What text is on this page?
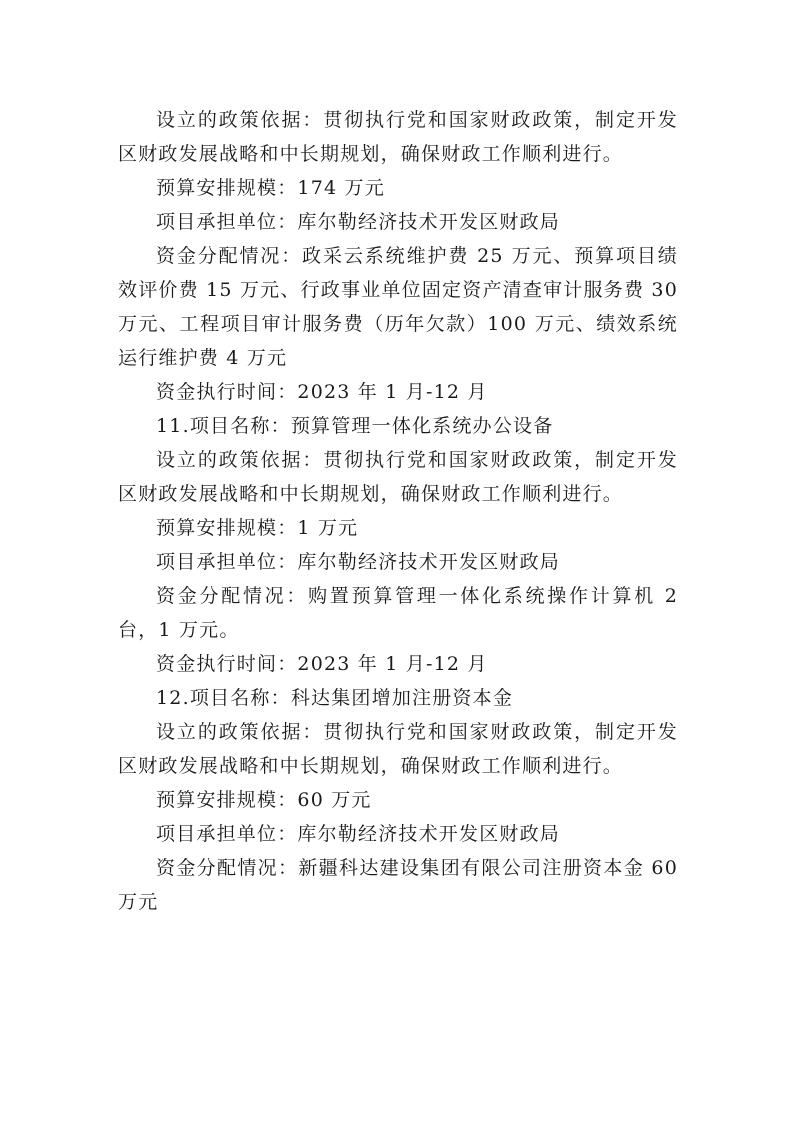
设立的政策依据：贯彻执行党和国家财政政策，制定开发区财政发展战略和中长期规划，确保财政工作顺利进行。

预算安排规模：174 万元

项目承担单位：库尔勒经济技术开发区财政局

资金分配情况：政采云系统维护费 25 万元、预算项目绩效评价费 15 万元、行政事业单位固定资产清查审计服务费 30 万元、工程项目审计服务费（历年欠款）100 万元、绩效系统运行维护费 4 万元

资金执行时间：2023 年 1 月-12 月

11.项目名称：预算管理一体化系统办公设备

设立的政策依据：贯彻执行党和国家财政政策，制定开发区财政发展战略和中长期规划，确保财政工作顺利进行。

预算安排规模：1 万元

项目承担单位：库尔勒经济技术开发区财政局

资金分配情况：购置预算管理一体化系统操作计算机 2 台，1 万元。

资金执行时间：2023 年 1 月-12 月

12.项目名称：科达集团增加注册资本金

设立的政策依据：贯彻执行党和国家财政政策，制定开发区财政发展战略和中长期规划，确保财政工作顺利进行。

预算安排规模：60 万元

项目承担单位：库尔勒经济技术开发区财政局

资金分配情况：新疆科达建设集团有限公司注册资本金 60 万元
